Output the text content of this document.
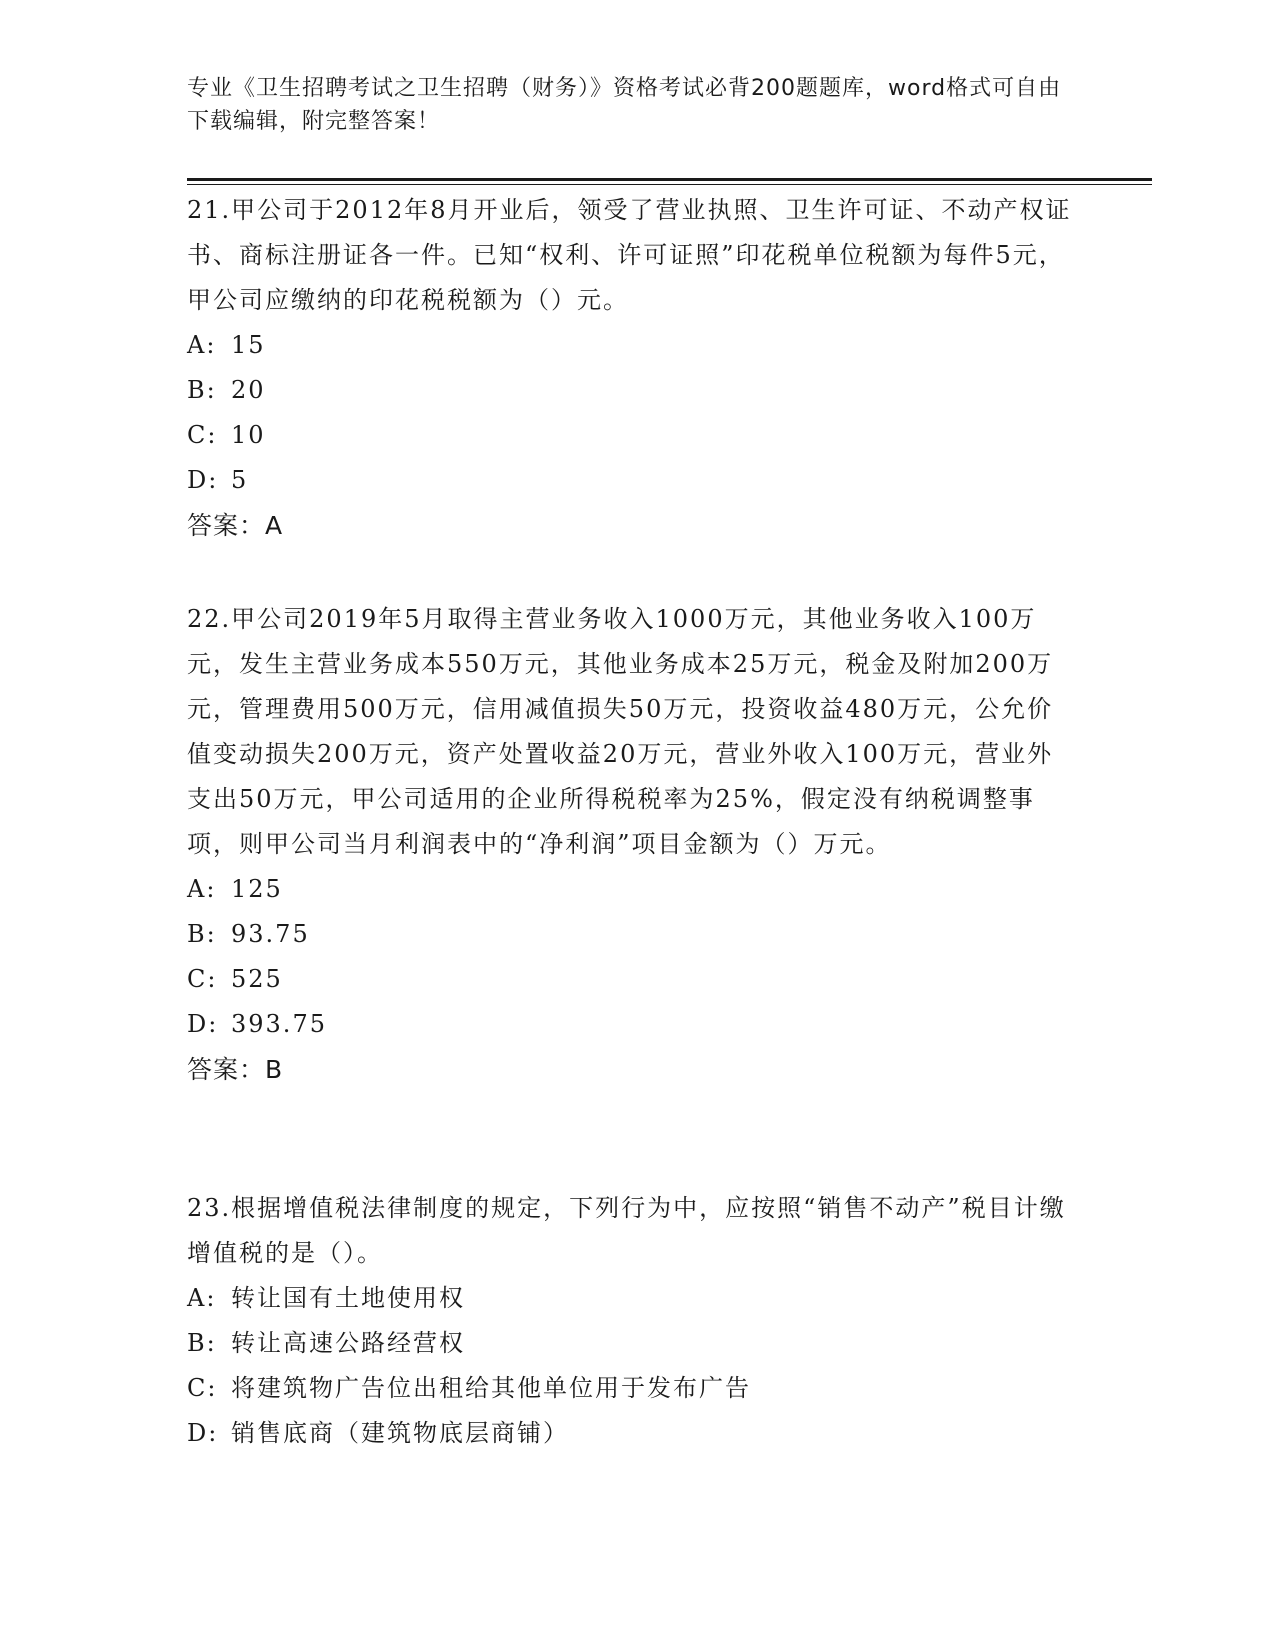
专业《卫生招聘考试之卫生招聘（财务）》资格考试必背200题题库，word格式可自由下载编辑，附完整答案！

21.甲公司于2012年8月开业后，领受了营业执照、卫生许可证、不动产权证书、商标注册证各一件。已知“权利、许可证照”印花税单位税额为每件5元，甲公司应缴纳的印花税税额为（）元。

A: 15

B: 20

C: 10

D: 5

答案：A

22.甲公司2019年5月取得主营业务收入1000万元，其他业务收入100万元，发生主营业务成本550万元，其他业务成本25万元，税金及附加200万元，管理费用500万元，信用减值损失50万元，投资收益480万元，公允价值变动损失200万元，资产处置收益20万元，营业外收入100万元，营业外支出50万元，甲公司适用的企业所得税税率为25%，假定没有纳税调整事项，则甲公司当月利润表中的“净利润”项目金额为（）万元。

A: 125

B: 93.75

C: 525

D: 393.75

答案：B

23.根据增值税法律制度的规定，下列行为中，应按照“销售不动产”税目计缴增值税的是（）。

A: 转让国有土地使用权

B: 转让高速公路经营权

C: 将建筑物广告位出租给其他单位用于发布广告

D: 销售底商（建筑物底层商铺）
